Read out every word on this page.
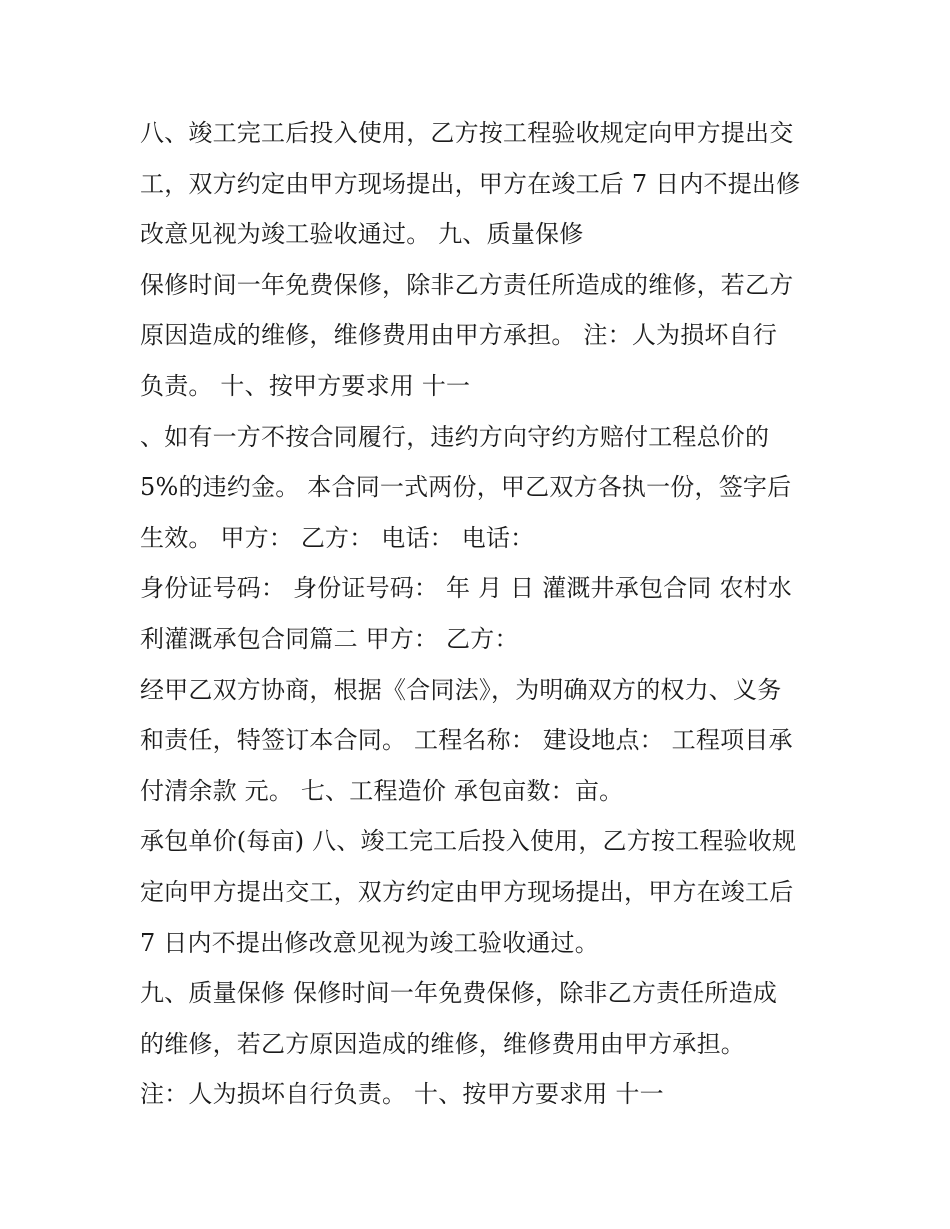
八、竣工完工后投入使用，乙方按工程验收规定向甲方提出交
工，双方约定由甲方现场提出，甲方在竣工后 7 日内不提出修
改意见视为竣工验收通过。 九、质量保修
保修时间一年免费保修，除非乙方责任所造成的维修，若乙方
原因造成的维修，维修费用由甲方承担。 注：人为损坏自行
负责。 十、按甲方要求用 十一
、如有一方不按合同履行，违约方向守约方赔付工程总价的
5%的违约金。 本合同一式两份，甲乙双方各执一份，签字后
生效。 甲方： 乙方： 电话： 电话：
身份证号码： 身份证号码： 年 月 日 灌溉井承包合同 农村水
利灌溉承包合同篇二 甲方： 乙方：
经甲乙双方协商，根据《合同法》，为明确双方的权力、义务
和责任，特签订本合同。 工程名称： 建设地点： 工程项目承
付清余款 元。 七、工程造价 承包亩数：亩。
承包单价(每亩) 八、竣工完工后投入使用，乙方按工程验收规
定向甲方提出交工，双方约定由甲方现场提出，甲方在竣工后
7 日内不提出修改意见视为竣工验收通过。
九、质量保修 保修时间一年免费保修，除非乙方责任所造成
的维修，若乙方原因造成的维修，维修费用由甲方承担。
注：人为损坏自行负责。 十、按甲方要求用 十一
